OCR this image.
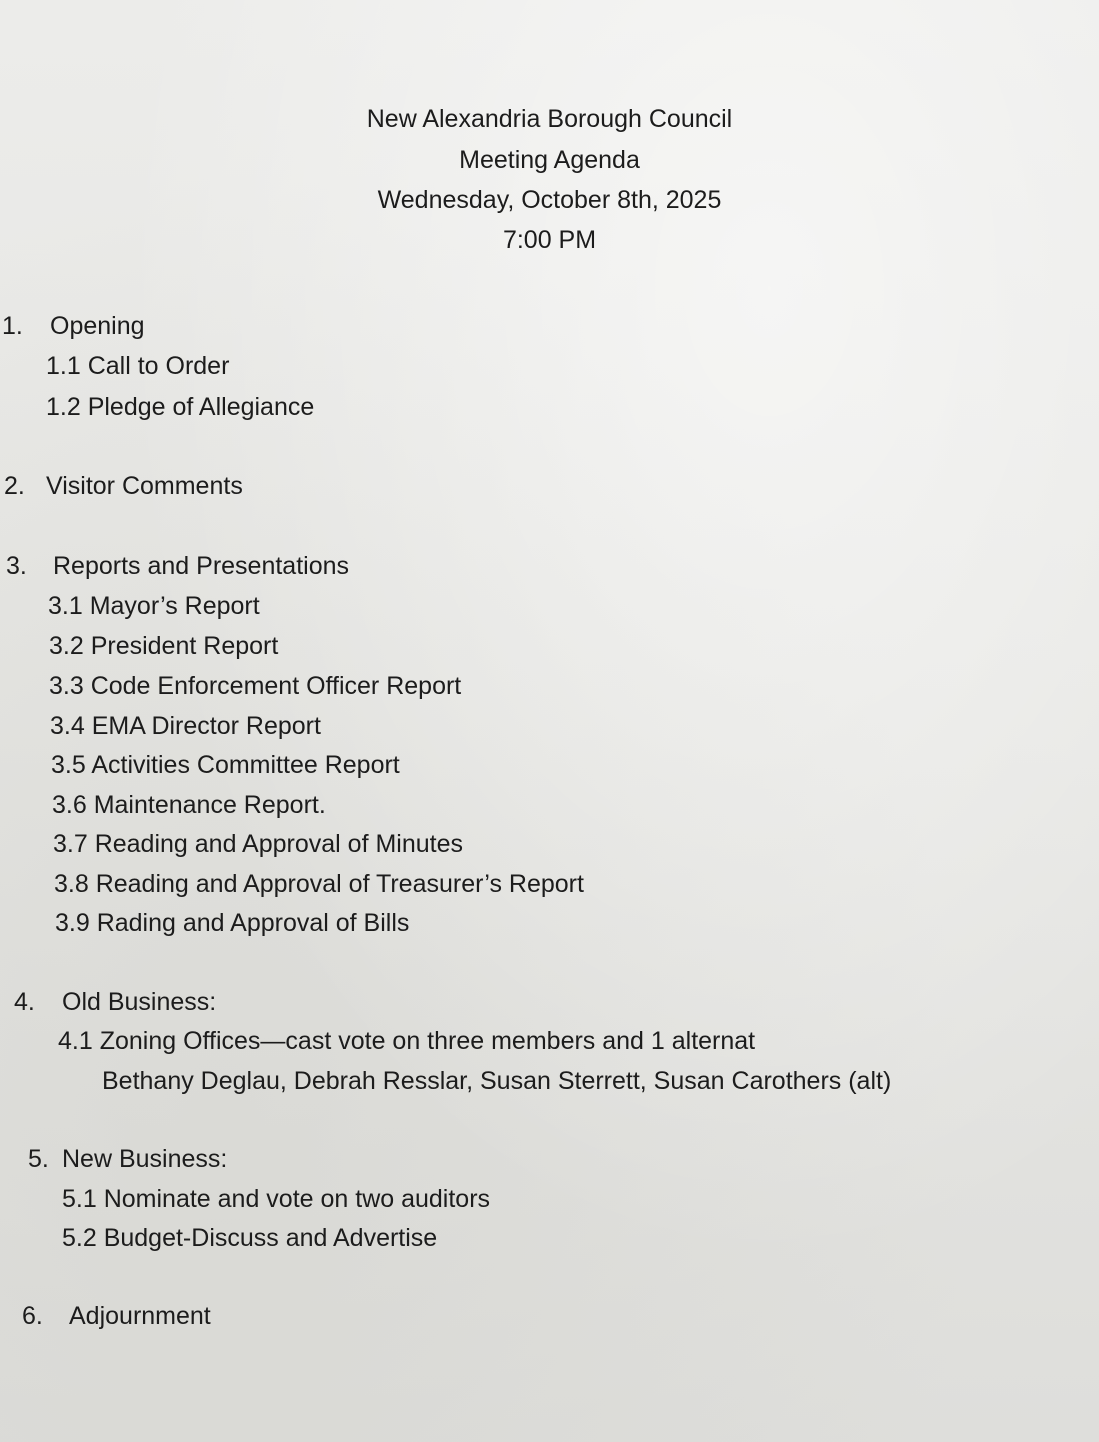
New Alexandria Borough Council
Meeting Agenda
Wednesday, October 8th, 2025
7:00 PM
1. Opening
1.1 Call to Order
1.2 Pledge of Allegiance
2. Visitor Comments
3. Reports and Presentations
3.1 Mayor’s Report
3.2 President Report
3.3 Code Enforcement Officer Report
3.4 EMA Director Report
3.5 Activities Committee Report
3.6 Maintenance Report.
3.7 Reading and Approval of Minutes
3.8 Reading and Approval of Treasurer’s Report
3.9 Rading and Approval of Bills
4. Old Business:
4.1 Zoning Offices—cast vote on three members and 1 alternat
Bethany Deglau, Debrah Resslar, Susan Sterrett, Susan Carothers (alt)
5. New Business:
5.1 Nominate and vote on two auditors
5.2 Budget-Discuss and Advertise
6. Adjournment
